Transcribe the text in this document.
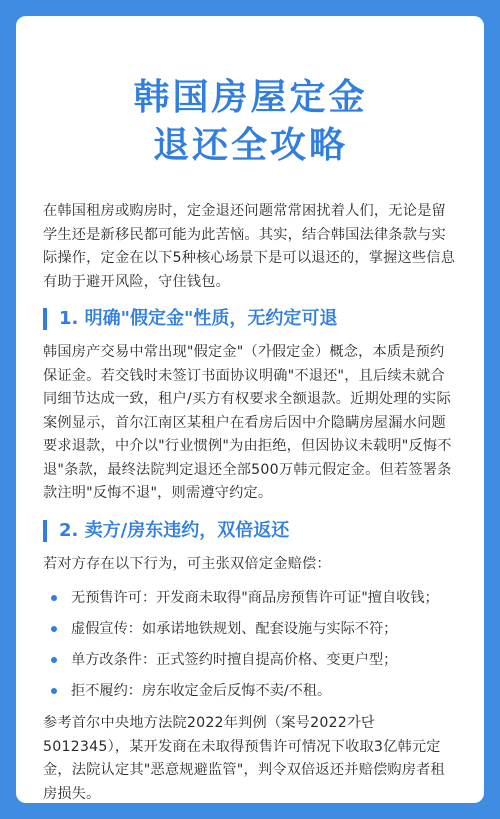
韩国房屋定金
退还全攻略

在韩国租房或购房时，定金退还问题常常困扰着人们，无论是留学生还是新移民都可能为此苦恼。其实，结合韩国法律条款与实际操作，定金在以下5种核心场景下是可以退还的，掌握这些信息有助于避开风险，守住钱包。

1. 明确"假定金"性质，无约定可退

韩国房产交易中常出现"假定金"（가假定金）概念，本质是预约保证金。若交钱时未签订书面协议明确"不退还"，且后续未就合同细节达成一致，租户/买方有权要求全额退款。近期处理的实际案例显示，首尔江南区某租户在看房后因中介隐瞒房屋漏水问题要求退款，中介以"行业惯例"为由拒绝，但因协议未载明"反悔不退"条款，最终法院判定退还全部500万韩元假定金。但若签署条款注明"反悔不退"，则需遵守约定。

2. 卖方/房东违约，双倍返还

若对方存在以下行为，可主张双倍定金赔偿：

无预售许可：开发商未取得"商品房预售许可证"擅自收钱；
虚假宣传：如承诺地铁规划、配套设施与实际不符；
单方改条件：正式签约时擅自提高价格、变更户型；
拒不履约：房东收定金后反悔不卖/不租。

参考首尔中央地方法院2022年判例（案号2022가단5012345），某开发商在未取得预售许可情况下收取3亿韩元定金，法院认定其"恶意规避监管"，判令双倍返还并赔偿购房者租房损失。
